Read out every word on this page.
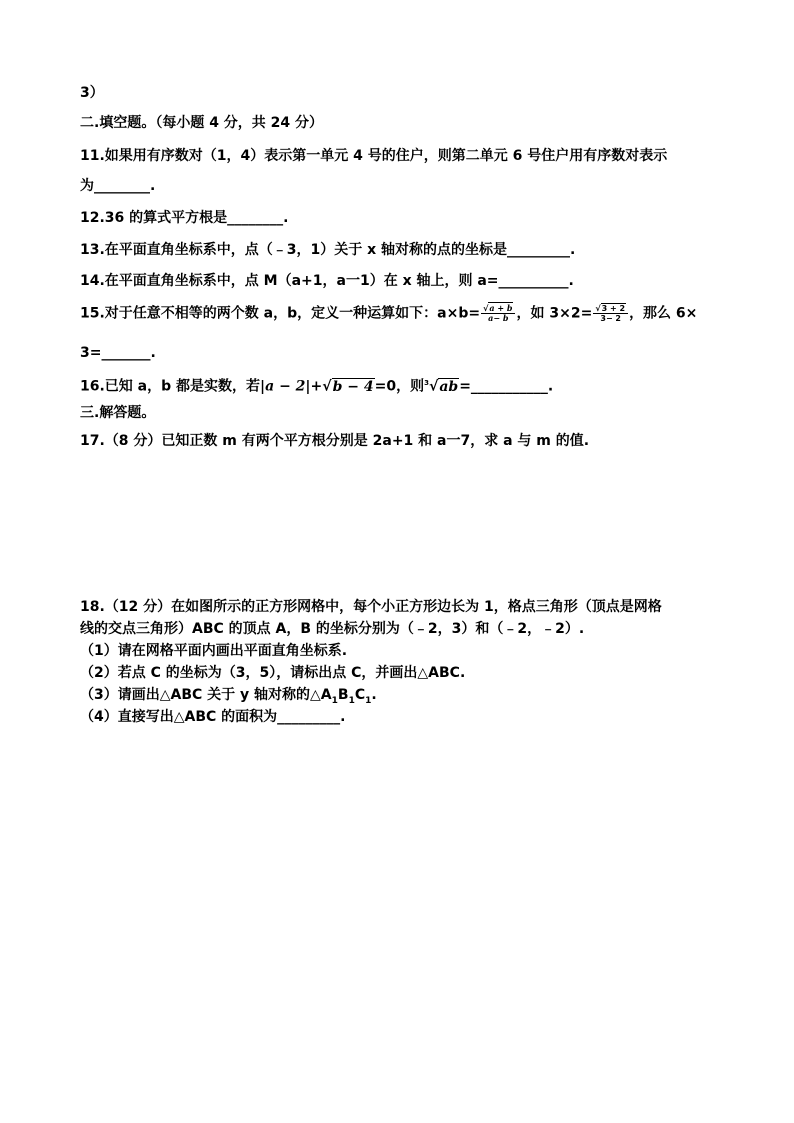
3）
二.填空题。（每小题 4 分，共 24 分）
11.如果用有序数对（1，4）表示第一单元 4 号的住户，则第二单元 6 号住户用有序数对表示
为________.
12.36 的算式平方根是________.
13.在平面直角坐标系中，点（﹣3，1）关于 x 轴对称的点的坐标是_________.
14.在平面直角坐标系中，点 M（a+1，a一1）在 x 轴上，则 a=__________.
15.对于任意不相等的两个数 a，b，定义一种运算如下：$a\times b= \frac{√a + b}{a- b}$ ，如 $3\times 2= \frac{√3 + 2}{3- 2}$ ，那么 6×
3=_______.
16.已知 a，b 都是实数，若|a − 2|+√b − 4=0，则$^3$√ab=___________.
三.解答题。
17.（8 分）已知正数 m 有两个平方根分别是 2a+1 和 a一7，求 a 与 m 的值.
18.（12 分）在如图所示的正方形网格中，每个小正方形边长为 1，格点三角形（顶点是网格
线的交点三角形）ABC 的顶点 A，B 的坐标分别为（﹣2，3）和（﹣2，﹣2）.
（1）请在网格平面内画出平面直角坐标系.
（2）若点 C 的坐标为（3，5），请标出点 C，并画出△ABC.
（3）请画出△ABC 关于 y 轴对称的$\triangle A_1B_1C_1$.
（4）直接写出△ABC 的面积为_________.
